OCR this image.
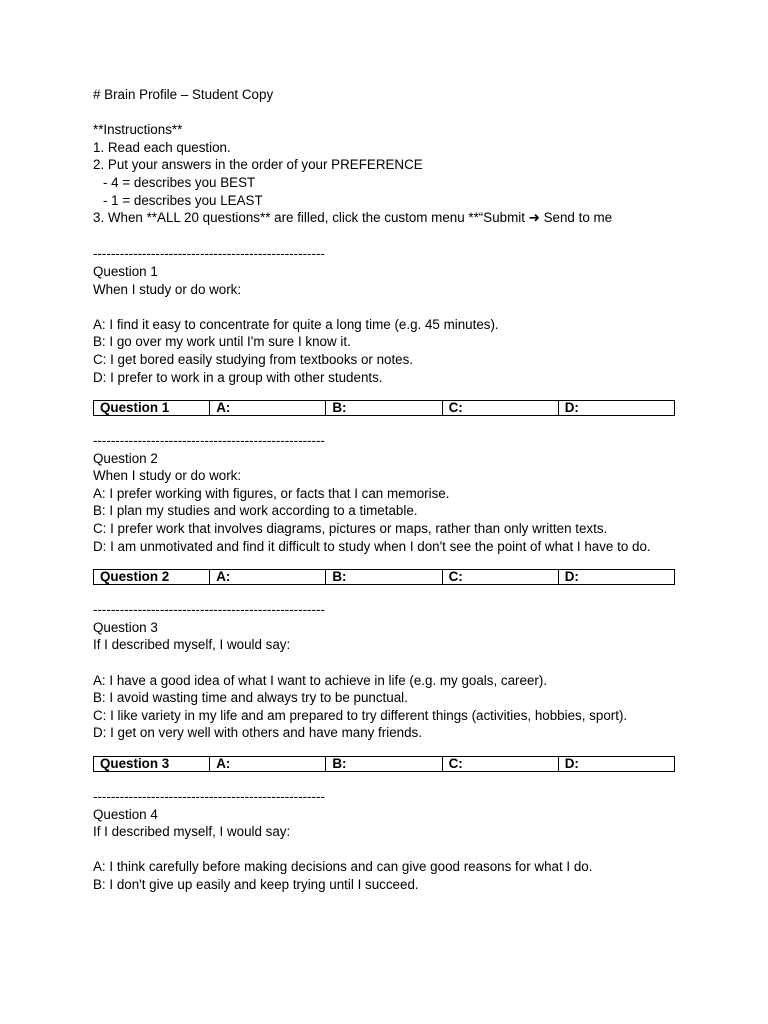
# Brain Profile – Student Copy
**Instructions**
1. Read each question.
2. Put your answers in the order of your PREFERENCE
- 4 = describes you BEST
- 1 = describes you LEAST
3. When **ALL 20 questions** are filled, click the custom menu **“Submit ➜ Send to me
----------------------------------------------------
Question 1
When I study or do work:
A: I find it easy to concentrate for quite a long time (e.g. 45 minutes).
B: I go over my work until I'm sure I know it.
C: I get bored easily studying from textbooks or notes.
D: I prefer to work in a group with other students.
Question 1	A:	B:	C:	D:
----------------------------------------------------
Question 2
When I study or do work:
A: I prefer working with figures, or facts that I can memorise.
B: I plan my studies and work according to a timetable.
C: I prefer work that involves diagrams, pictures or maps, rather than only written texts.
D: I am unmotivated and find it difficult to study when I don't see the point of what I have to do.
Question 2	A:	B:	C:	D:
----------------------------------------------------
Question 3
If I described myself, I would say:
A: I have a good idea of what I want to achieve in life (e.g. my goals, career).
B: I avoid wasting time and always try to be punctual.
C: I like variety in my life and am prepared to try different things (activities, hobbies, sport).
D: I get on very well with others and have many friends.
Question 3	A:	B:	C:	D:
----------------------------------------------------
Question 4
If I described myself, I would say:
A: I think carefully before making decisions and can give good reasons for what I do.
B: I don't give up easily and keep trying until I succeed.
